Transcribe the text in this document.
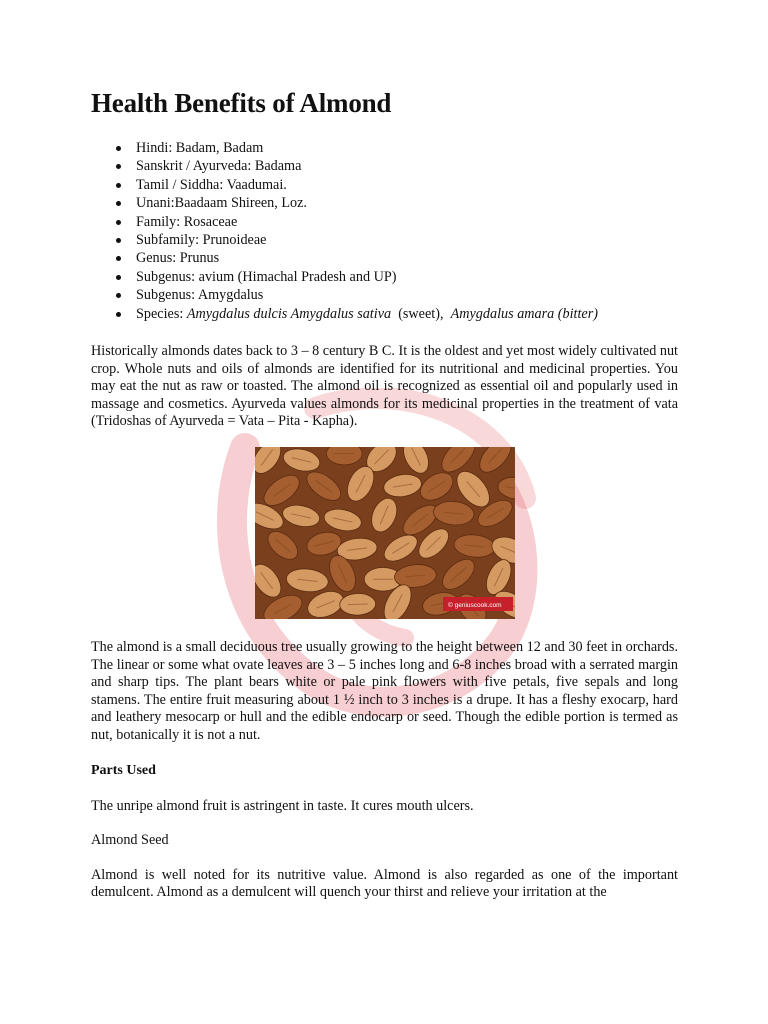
Health Benefits of Almond
Hindi: Badam, Badam
Sanskrit / Ayurveda: Badama
Tamil / Siddha: Vaadumai.
Unani:Baadaam Shireen, Loz.
Family: Rosaceae
Subfamily: Prunoideae
Genus: Prunus
Subgenus: avium (Himachal Pradesh and UP)
Subgenus: Amygdalus
Species: Amygdalus dulcis Amygdalus sativa  (sweet),  Amygdalus amara (bitter)

Historically almonds dates back to 3 – 8 century B C. It is the oldest and yet most widely cultivated nut crop. Whole nuts and oils of almonds are identified for its nutritional and medicinal properties. You may eat the nut as raw or toasted. The almond oil is recognized as essential oil and popularly used in massage and cosmetics. Ayurveda values almonds for its medicinal properties in the treatment of vata (Tridoshas of Ayurveda = Vata – Pita - Kapha).

© geniuscook.com

The almond is a small deciduous tree usually growing to the height between 12 and 30 feet in orchards. The linear or some what ovate leaves are 3 – 5 inches long and 6-8 inches broad with a serrated margin and sharp tips. The plant bears white or pale pink flowers with five petals, five sepals and long stamens. The entire fruit measuring about 1 ½ inch to 3 inches is a drupe. It has a fleshy exocarp, hard and leathery mesocarp or hull and the edible endocarp or seed. Though the edible portion is termed as nut, botanically it is not a nut.

Parts Used

The unripe almond fruit is astringent in taste. It cures mouth ulcers.

Almond Seed

Almond is well noted for its nutritive value. Almond is also regarded as one of the important demulcent. Almond as a demulcent will quench your thirst and relieve your irritation at the
